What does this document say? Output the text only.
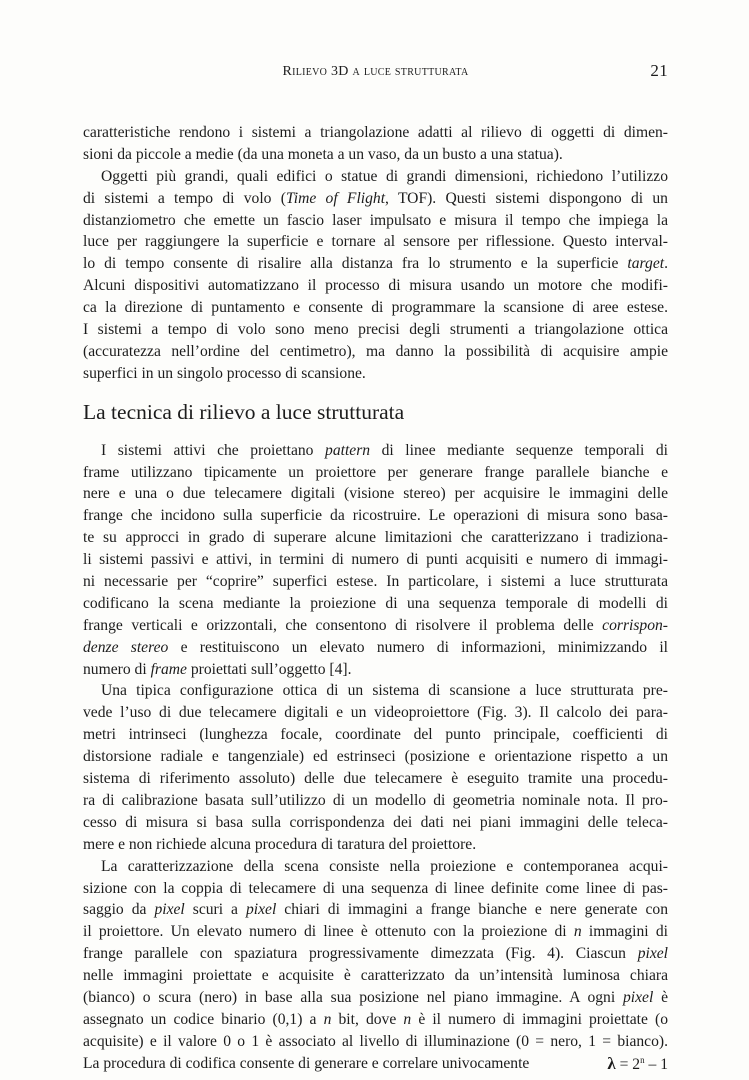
Rilievo 3D a luce strutturata	21
caratteristiche rendono i sistemi a triangolazione adatti al rilievo di oggetti di dimen-
sioni da piccole a medie (da una moneta a un vaso, da un busto a una statua).
Oggetti più grandi, quali edifici o statue di grandi dimensioni, richiedono l’utilizzo
di sistemi a tempo di volo (Time of Flight, TOF). Questi sistemi dispongono di un
distanziometro che emette un fascio laser impulsato e misura il tempo che impiega la
luce per raggiungere la superficie e tornare al sensore per riflessione. Questo interval-
lo di tempo consente di risalire alla distanza fra lo strumento e la superficie target.
Alcuni dispositivi automatizzano il processo di misura usando un motore che modifi-
ca la direzione di puntamento e consente di programmare la scansione di aree estese.
I sistemi a tempo di volo sono meno precisi degli strumenti a triangolazione ottica
(accuratezza nell’ordine del centimetro), ma danno la possibilità di acquisire ampie
superfici in un singolo processo di scansione.
La tecnica di rilievo a luce strutturata
I sistemi attivi che proiettano pattern di linee mediante sequenze temporali di
frame utilizzano tipicamente un proiettore per generare frange parallele bianche e
nere e una o due telecamere digitali (visione stereo) per acquisire le immagini delle
frange che incidono sulla superficie da ricostruire. Le operazioni di misura sono basa-
te su approcci in grado di superare alcune limitazioni che caratterizzano i tradiziona-
li sistemi passivi e attivi, in termini di numero di punti acquisiti e numero di immagi-
ni necessarie per “coprire” superfici estese. In particolare, i sistemi a luce strutturata
codificano la scena mediante la proiezione di una sequenza temporale di modelli di
frange verticali e orizzontali, che consentono di risolvere il problema delle corrispon-
denze stereo e restituiscono un elevato numero di informazioni, minimizzando il
numero di frame proiettati sull’oggetto [4].
Una tipica configurazione ottica di un sistema di scansione a luce strutturata pre-
vede l’uso di due telecamere digitali e un videoproiettore (Fig. 3). Il calcolo dei para-
metri intrinseci (lunghezza focale, coordinate del punto principale, coefficienti di
distorsione radiale e tangenziale) ed estrinseci (posizione e orientazione rispetto a un
sistema di riferimento assoluto) delle due telecamere è eseguito tramite una procedu-
ra di calibrazione basata sull’utilizzo di un modello di geometria nominale nota. Il pro-
cesso di misura si basa sulla corrispondenza dei dati nei piani immagini delle teleca-
mere e non richiede alcuna procedura di taratura del proiettore.
La caratterizzazione della scena consiste nella proiezione e contemporanea acqui-
sizione con la coppia di telecamere di una sequenza di linee definite come linee di pas-
saggio da pixel scuri a pixel chiari di immagini a frange bianche e nere generate con
il proiettore. Un elevato numero di linee è ottenuto con la proiezione di n immagini di
frange parallele con spaziatura progressivamente dimezzata (Fig. 4). Ciascun pixel
nelle immagini proiettate e acquisite è caratterizzato da un’intensità luminosa chiara
(bianco) o scura (nero) in base alla sua posizione nel piano immagine. A ogni pixel è
assegnato un codice binario (0,1) a n bit, dove n è il numero di immagini proiettate (o
acquisite) e il valore 0 o 1 è associato al livello di illuminazione (0 = nero, 1 = bianco).
La procedura di codifica consente di generare e correlare univocamente	$\lambda = 2^n - 1$
